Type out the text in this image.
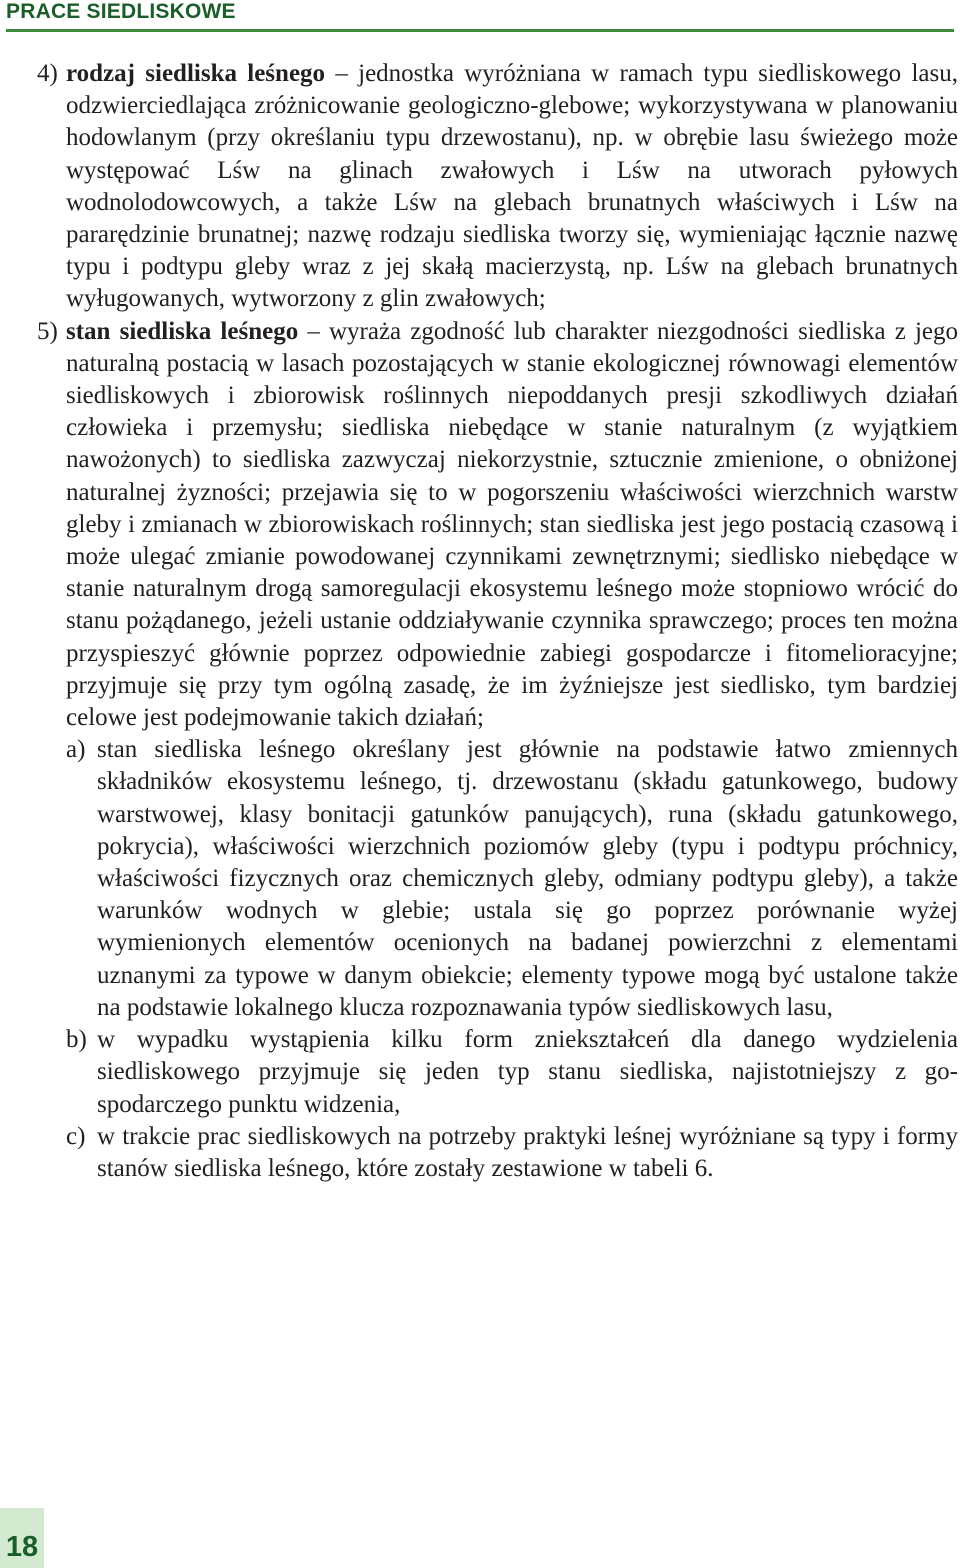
PRACE SIEDLISKOWE
4) rodzaj siedliska leśnego – jednostka wyróżniana w ramach typu siedliskowego lasu, odzwierciedlająca zróżnicowanie geologiczno-glebowe; wykorzystywana w planowaniu hodowlanym (przy określaniu typu drzewostanu), np. w obrębie lasu świeżego może występować Lśw na glinach zwałowych i Lśw na utworach pyłowych wodnolodowcowych, a także Lśw na glebach brunatnych właściwych i Lśw na pararędzinie brunatnej; nazwę rodzaju siedliska tworzy się, wymieniając łącznie nazwę typu i podtypu gleby wraz z jej skałą macierzystą, np. Lśw na glebach brunatnych wyługowanych, wytworzony z glin zwałowych;
5) stan siedliska leśnego – wyraża zgodność lub charakter niezgodności siedliska z jego naturalną postacią w lasach pozostających w stanie ekologicznej równowagi elementów siedliskowych i zbiorowisk roślinnych niepoddanych presji szkodliwych działań człowieka i przemysłu; siedliska niebędące w stanie naturalnym (z wyjątkiem nawożonych) to siedliska zazwyczaj niekorzystnie, sztucznie zmienione, o obniżonej naturalnej żyzności; przejawia się to w pogorszeniu właściwości wierzchnich warstw gleby i zmianach w zbiorowiskach roślinnych; stan siedliska jest jego postacią czasową i może ulegać zmianie powodowanej czynnikami zewnętrznymi; siedlisko niebędące w stanie naturalnym drogą samoregulacji ekosystemu leśnego może stopniowo wrócić do stanu pożądanego, jeżeli ustanie oddziaływanie czynnika sprawczego; proces ten można przyspieszyć głównie poprzez odpowiednie zabiegi gospodarcze i fitomelioracyjne; przyjmuje się przy tym ogólną zasadę, że im żyźniejsze jest siedlisko, tym bardziej celowe jest podejmowanie takich działań;
a) stan siedliska leśnego określany jest głównie na podstawie łatwo zmiennych składników ekosystemu leśnego, tj. drzewostanu (składu gatunkowego, budowy warstwowej, klasy bonitacji gatunków panujących), runa (składu gatunkowego, pokrycia), właściwości wierzchnich poziomów gleby (typu i podtypu próchnicy, właściwości fizycznych oraz chemicznych gleby, odmiany podtypu gleby), a także warunków wodnych w glebie; ustala się go poprzez porównanie wyżej wymienionych elementów ocenionych na badanej powierzchni z elementami uznanymi za typowe w danym obiekcie; elementy typowe mogą być ustalone także na podstawie lokalnego klucza rozpoznawania typów siedliskowych lasu,
b) w wypadku wystąpienia kilku form zniekształceń dla danego wydzielenia siedliskowego przyjmuje się jeden typ stanu siedliska, najistotniejszy z gospodarczego punktu widzenia,
c) w trakcie prac siedliskowych na potrzeby praktyki leśnej wyróżniane są typy i formy stanów siedliska leśnego, które zostały zestawione w tabeli 6.
18
